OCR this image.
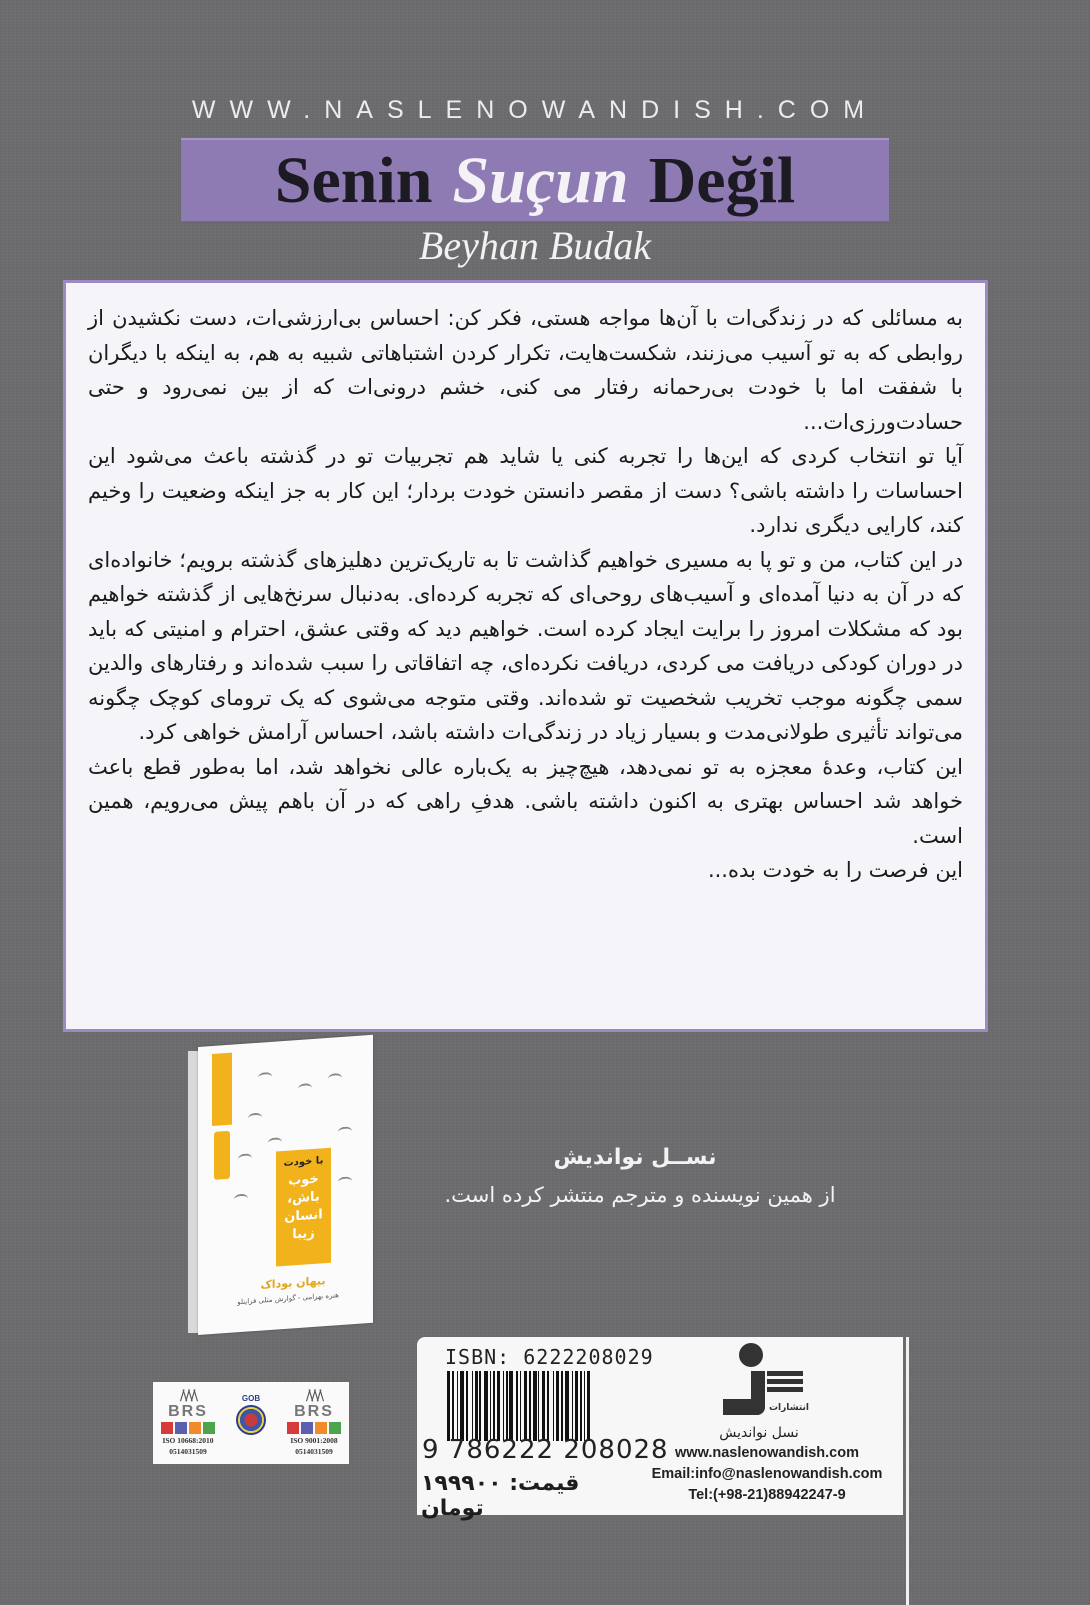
WWW.NASLENOWANDISH.COM
Senin Suçun Değil
Beyhan Budak

به مسائلی که در زندگی‌ات با آن‌ها مواجه هستی، فکر کن: احساس بی‌ارزشی‌ات، دست نکشیدن از روابطی که به تو آسیب می‌زنند، شکست‌هایت، تکرار کردن اشتباهاتی شبیه به هم، به اینکه با دیگران با شفقت اما با خودت بی‌رحمانه رفتار می کنی، خشم درونی‌ات که از بین نمی‌رود و حتی حسادت‌ورزی‌ات...

آیا تو انتخاب کردی که این‌ها را تجربه کنی یا شاید هم تجربیات تو در گذشته باعث می‌شود این احساسات را داشته باشی؟ دست از مقصر دانستن خودت بردار؛ این کار به جز اینکه وضعیت را وخیم کند، کارایی دیگری ندارد.

در این کتاب، من و تو پا به مسیری خواهیم گذاشت تا به تاریک‌ترین دهلیزهای گذشته برویم؛ خانواده‌ای که در آن به دنیا آمده‌ای و آسیب‌های روحی‌ای که تجربه کرده‌ای. به‌دنبال سرنخ‌هایی از گذشته خواهیم بود که مشکلات امروز را برایت ایجاد کرده است. خواهیم دید که وقتی عشق، احترام و امنیتی که باید در دوران کودکی دریافت می کردی، دریافت نکرده‌ای، چه اتفاقاتی را سبب شده‌اند و رفتارهای والدین سمی چگونه موجب تخریب شخصیت تو شده‌اند. وقتی متوجه می‌شوی که یک ترومای کوچک چگونه می‌تواند تأثیری طولانی‌مدت و بسیار زیاد در زندگی‌ات داشته باشد، احساس آرامش خواهی کرد.

این کتاب، وعدهٔ معجزه به تو نمی‌دهد، هیچ‌چیز به یک‌باره عالی نخواهد شد، اما به‌طور قطع باعث خواهد شد احساس بهتری به اکنون داشته باشی. هدفِ راهی که در آن باهم پیش می‌رویم، همین است.

این فرصت را به خودت بده...

با خودت
خوب
باش،
انسان
زیبا
بیهان بوداک
هنره بهرامی - گوارش متلی فراینلو
نســل نواندیش
از همین نویسنده و مترجم منتشر کرده است.
/\/\/\
BRS
ISO 10668:2010
0514031509
GOB	/\/\/\
BRS
ISO 9001:2008
0514031509
ISBN: 6222208029
9 786222 208028
قیمت: ۱۹۹۹۰۰ تومان
انتشارات
نسل نواندیش
www.naslenowandish.com
Email:info@naslenowandish.com
Tel:(+98-21)88942247-9
